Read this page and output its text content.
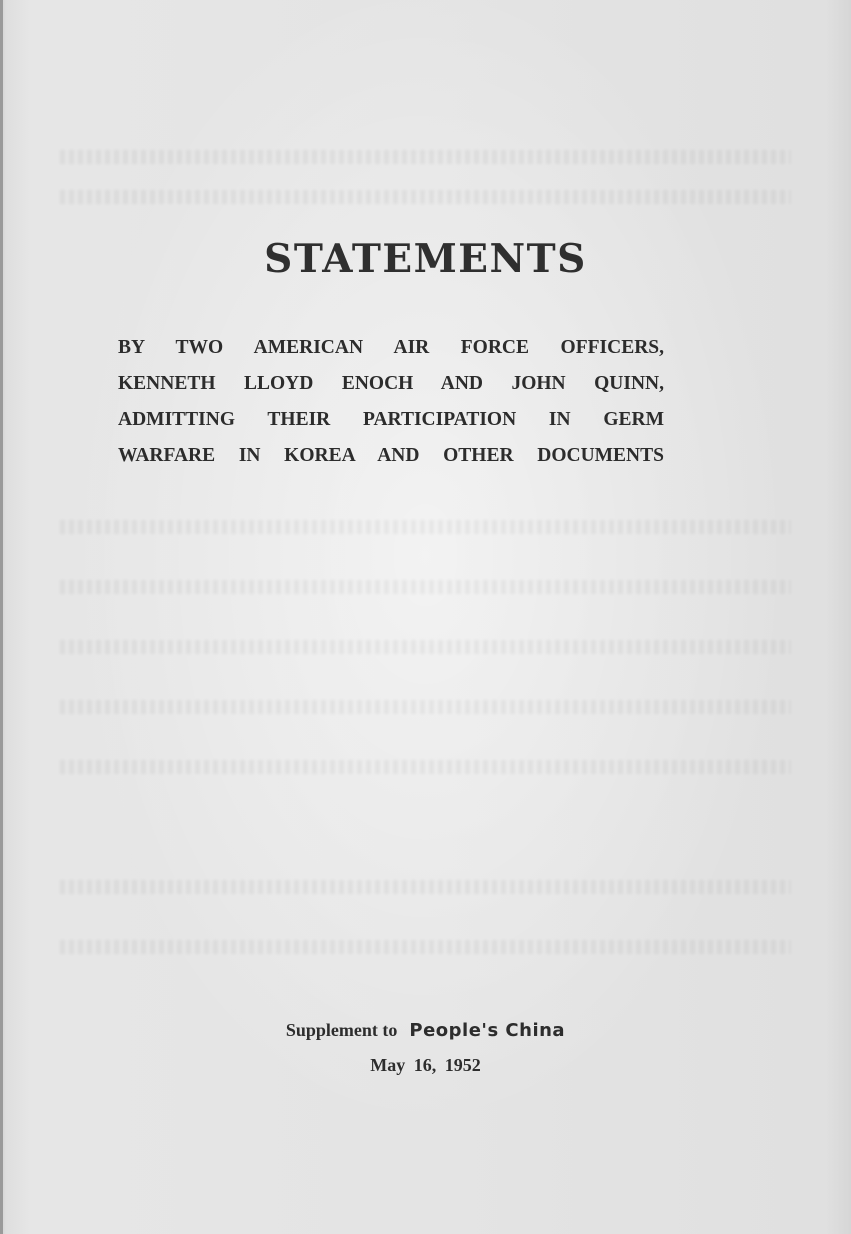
STATEMENTS
BY TWO AMERICAN AIR FORCE OFFICERS,
KENNETH LLOYD ENOCH AND JOHN QUINN,
ADMITTING THEIR PARTICIPATION IN GERM
WARFARE IN KOREA AND OTHER DOCUMENTS
Supplement to People's China
May 16, 1952
